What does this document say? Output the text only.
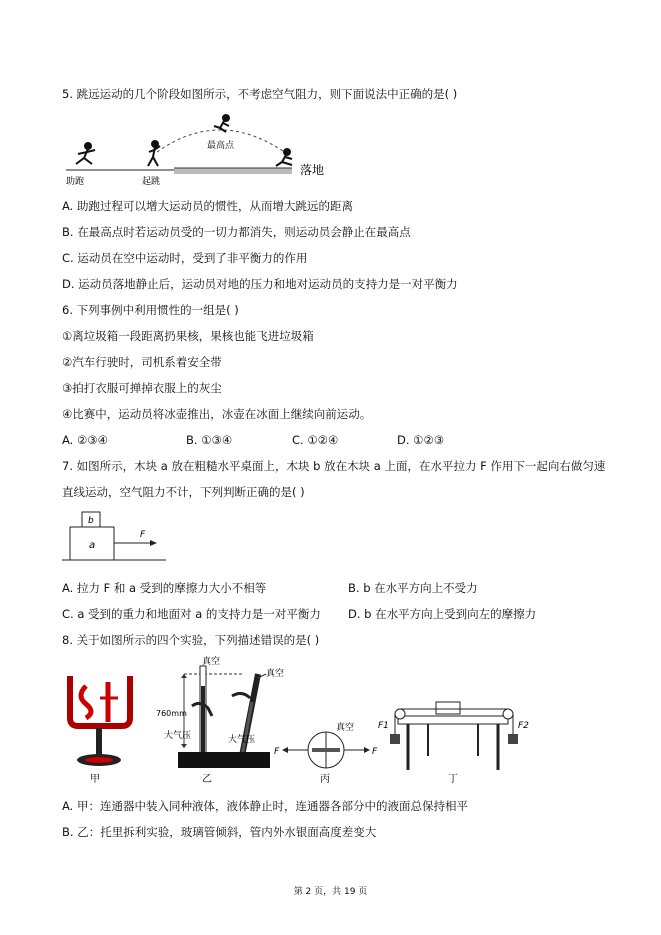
5. 跳远运动的几个阶段如图所示，不考虑空气阻力，则下面说法中正确的是( )
助跑	起跳
最高点
落地
A. 助跑过程可以增大运动员的惯性，从而增大跳远的距离
B. 在最高点时若运动员受的一切力都消失，则运动员会静止在最高点
C. 运动员在空中运动时，受到了非平衡力的作用
D. 运动员落地静止后，运动员对地的压力和地对运动员的支持力是一对平衡力
6. 下列事例中利用惯性的一组是( )
①离垃圾箱一段距离扔果核，果核也能飞进垃圾箱
②汽车行驶时，司机系着安全带
③拍打衣服可掸掉衣服上的灰尘
④比赛中，运动员将冰壶推出，冰壶在冰面上继续向前运动。
A. ②③④	B. ①③④	C. ①②④	D. ①②③
7. 如图所示，木块 a 放在粗糙水平桌面上，木块 b 放在木块 a 上面，在水平拉力 F 作用下一起向右做匀速
直线运动，空气阻力不计，下列判断正确的是( )
b
a
F
A. 拉力 F 和 a 受到的摩擦力大小不相等	B. b 在水平方向上不受力
C. a 受到的重力和地面对 a 的支持力是一对平衡力 D. b 在水平方向上受到向左的摩擦力
8. 关于如图所示的四个实验，下列描述错误的是( )
真空
真空
760mm
大气压	大气压
F	F
真空	F1	F2
甲	乙	丙	丁
A. 甲：连通器中装入同种液体，液体静止时，连通器各部分中的液面总保持相平
B. 乙：托里拆利实验，玻璃管倾斜，管内外水银面高度差变大
第 2 页，共 19 页
